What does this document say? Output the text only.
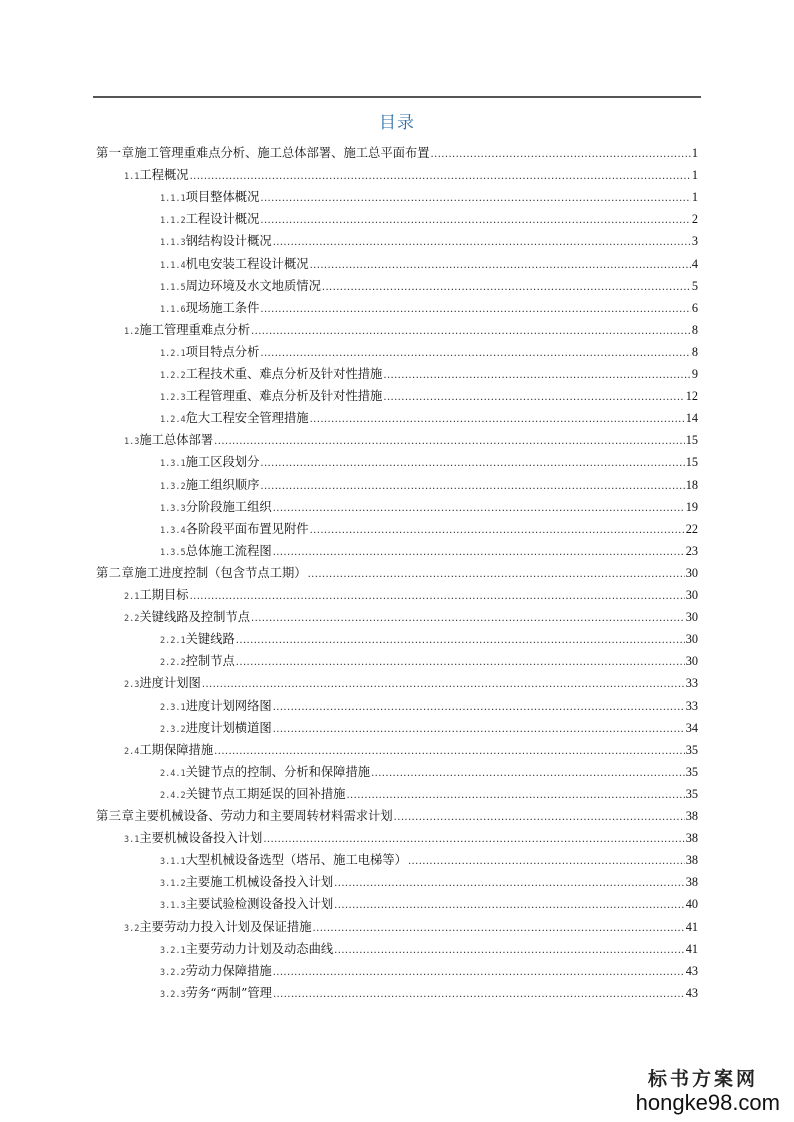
目录
第一章 施工管理重难点分析、施工总体部署、施工总平面布置 .....	1
1.1 工程概况 .....	1
1.1.1 项目整体概况 .....	1
1.1.2 工程设计概况 .....	2
1.1.3 钢结构设计概况 .....	3
1.1.4 机电安装工程设计概况 .....	4
1.1.5 周边环境及水文地质情况 .....	5
1.1.6 现场施工条件 .....	6
1.2 施工管理重难点分析 .....	8
1.2.1 项目特点分析 .....	8
1.2.2 工程技术重、难点分析及针对性措施 .....	9
1.2.3 工程管理重、难点分析及针对性措施 .....	12
1.2.4 危大工程安全管理措施 .....	14
1.3 施工总体部署 .....	15
1.3.1 施工区段划分 .....	15
1.3.2 施工组织顺序 .....	18
1.3.3 分阶段施工组织 .....	19
1.3.4 各阶段平面布置见附件 .....	22
1.3.5 总体施工流程图 .....	23
第二章 施工进度控制（包含节点工期） .....	30
2.1 工期目标 .....	30
2.2 关键线路及控制节点 .....	30
2.2.1 关键线路 .....	30
2.2.2 控制节点 .....	30
2.3 进度计划图 .....	33
2.3.1 进度计划网络图 .....	33
2.3.2 进度计划横道图 .....	34
2.4 工期保障措施 .....	35
2.4.1 关键节点的控制、分析和保障措施 .....	35
2.4.2 关键节点工期延误的回补措施 .....	35
第三章 主要机械设备、劳动力和主要周转材料需求计划 .....	38
3.1 主要机械设备投入计划 .....	38
3.1.1 大型机械设备选型（塔吊、施工电梯等） .....	38
3.1.2 主要施工机械设备投入计划 .....	38
3.1.3 主要试验检测设备投入计划 .....	40
3.2 主要劳动力投入计划及保证措施 .....	41
3.2.1 主要劳动力计划及动态曲线 .....	41
3.2.2 劳动力保障措施 .....	43
3.2.3 劳务“两制”管理 .....	43
标书方案网
hongke98.com
